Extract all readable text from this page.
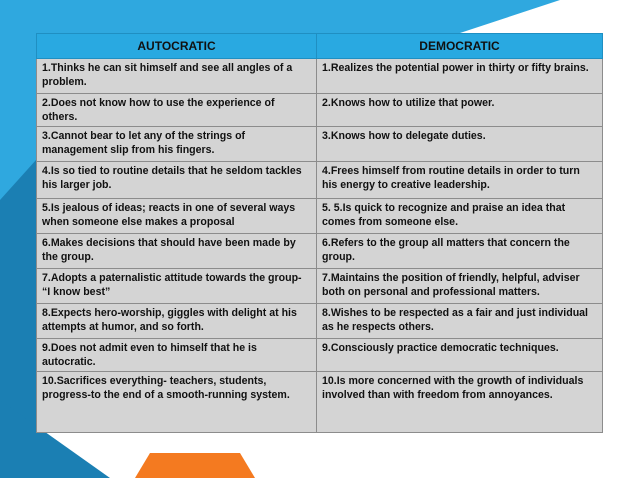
AUTOCRATIC	DEMOCRATIC
1.Thinks he can sit himself and see all angles of a problem.	1.Realizes the potential power in thirty or fifty brains.
2.Does not know how to use the experience of others.	2.Knows how to utilize that power.
3.Cannot bear to let any of the strings of management slip from his fingers.	3.Knows how to delegate duties.
4.Is so tied to routine details that he seldom tackles his larger job.	4.Frees himself from routine details in order to turn his energy to creative leadership.
5.Is jealous of ideas; reacts in one of several ways when someone else makes a proposal	5. 5.Is quick to recognize and praise an idea that comes from someone else.
6.Makes decisions that should have been made by the group.	6.Refers to the group all matters that concern the group.
7.Adopts a paternalistic attitude towards the group- “I know best”	7.Maintains the position of friendly, helpful, adviser both on personal and professional matters.
8.Expects hero-worship, giggles with delight at his attempts at humor, and so forth.	8.Wishes to be respected as a fair and just individual as he respects others.
9.Does not admit even to himself that he is autocratic.	9.Consciously practice democratic techniques.
10.Sacrifices everything- teachers, students, progress-to the end of a smooth-running system.	10.Is more concerned with the growth of individuals involved than with freedom from annoyances.
